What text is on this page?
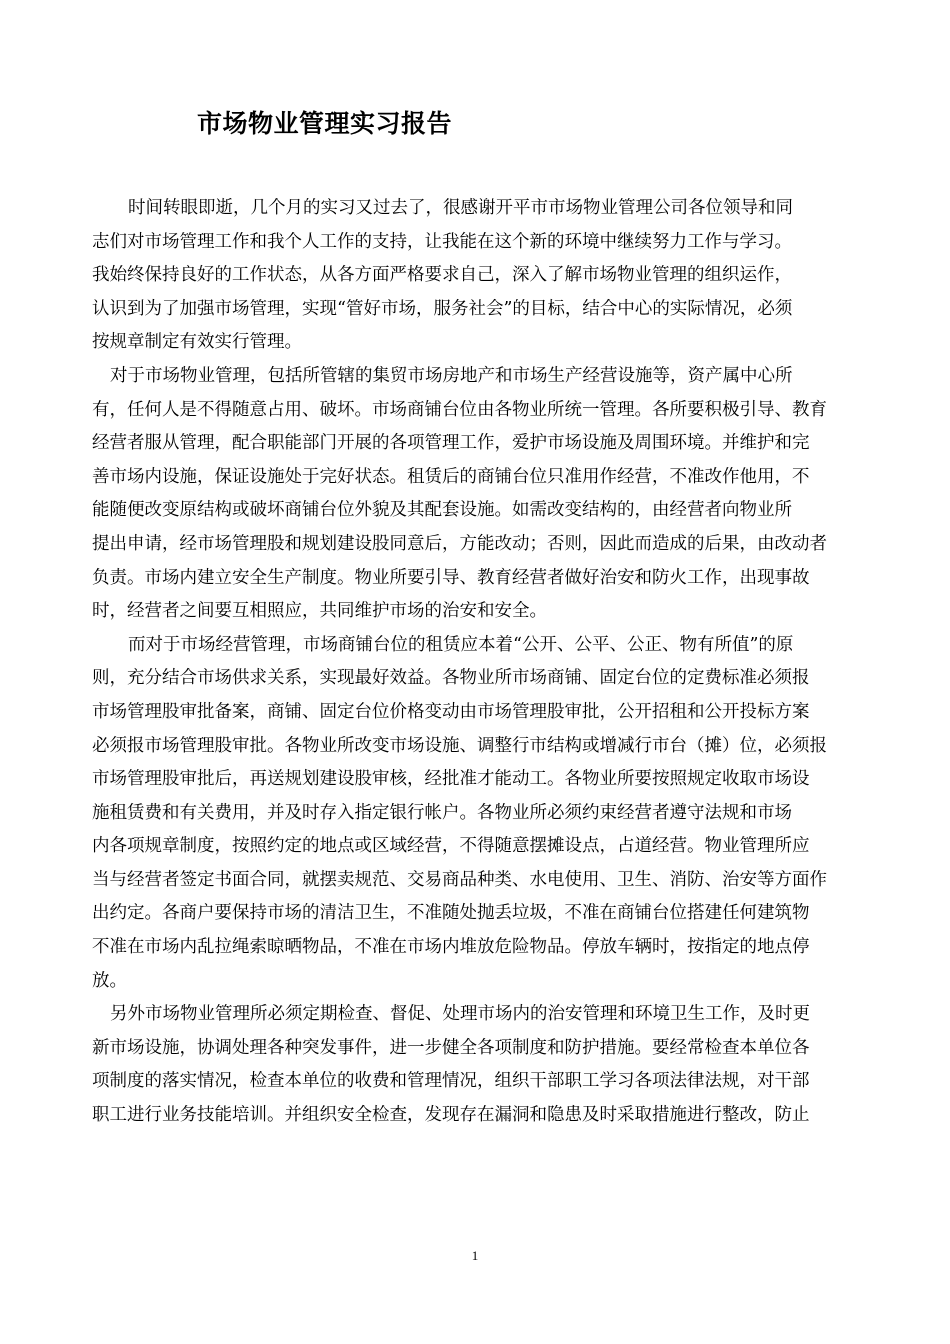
市场物业管理实习报告
时间转眼即逝，几个月的实习又过去了，很感谢开平市市场物业管理公司各位领导和同
志们对市场管理工作和我个人工作的支持，让我能在这个新的环境中继续努力工作与学习。
我始终保持良好的工作状态，从各方面严格要求自己，深入了解市场物业管理的组织运作，
认识到为了加强市场管理，实现“管好市场，服务社会”的目标，结合中心的实际情况，必须
按规章制定有效实行管理。
对于市场物业管理，包括所管辖的集贸市场房地产和市场生产经营设施等，资产属中心所
有，任何人是不得随意占用、破坏。市场商铺台位由各物业所统一管理。各所要积极引导、教育
经营者服从管理，配合职能部门开展的各项管理工作，爱护市场设施及周围环境。并维护和完
善市场内设施，保证设施处于完好状态。租赁后的商铺台位只准用作经营，不准改作他用，不
能随便改变原结构或破坏商铺台位外貌及其配套设施。如需改变结构的，由经营者向物业所
提出申请，经市场管理股和规划建设股同意后，方能改动；否则，因此而造成的后果，由改动者
负责。市场内建立安全生产制度。物业所要引导、教育经营者做好治安和防火工作，出现事故
时，经营者之间要互相照应，共同维护市场的治安和安全。
而对于市场经营管理，市场商铺台位的租赁应本着“公开、公平、公正、物有所值”的原
则，充分结合市场供求关系，实现最好效益。各物业所市场商铺、固定台位的定费标准必须报
市场管理股审批备案，商铺、固定台位价格变动由市场管理股审批，公开招租和公开投标方案
必须报市场管理股审批。各物业所改变市场设施、调整行市结构或增减行市台（摊）位，必须报
市场管理股审批后，再送规划建设股审核，经批准才能动工。各物业所要按照规定收取市场设
施租赁费和有关费用，并及时存入指定银行帐户。各物业所必须约束经营者遵守法规和市场
内各项规章制度，按照约定的地点或区域经营，不得随意摆摊设点，占道经营。物业管理所应
当与经营者签定书面合同，就摆卖规范、交易商品种类、水电使用、卫生、消防、治安等方面作
出约定。各商户要保持市场的清洁卫生，不准随处抛丢垃圾，不准在商铺台位搭建任何建筑物
不准在市场内乱拉绳索晾晒物品，不准在市场内堆放危险物品。停放车辆时，按指定的地点停
放。
另外市场物业管理所必须定期检查、督促、处理市场内的治安管理和环境卫生工作，及时更
新市场设施，协调处理各种突发事件，进一步健全各项制度和防护措施。要经常检查本单位各
项制度的落实情况，检查本单位的收费和管理情况，组织干部职工学习各项法律法规，对干部
职工进行业务技能培训。并组织安全检查，发现存在漏洞和隐患及时采取措施进行整改，防止
1
